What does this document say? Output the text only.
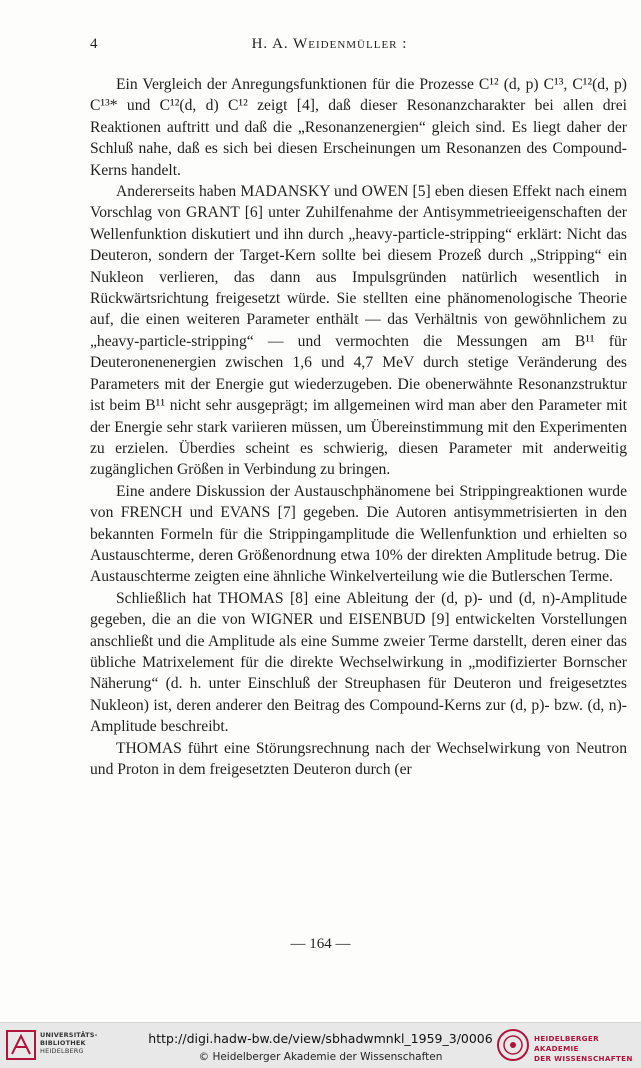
4	H. A. Weidenmüller :

Ein Vergleich der Anregungsfunktionen für die Prozesse C¹² (d, p) C¹³, C¹²(d, p) C¹³* und C¹²(d, d) C¹² zeigt [4], daß dieser Resonanzcharakter bei allen drei Reaktionen auftritt und daß die „Resonanzenergien“ gleich sind. Es liegt daher der Schluß nahe, daß es sich bei diesen Erscheinungen um Resonanzen des Compound-Kerns handelt.

Andererseits haben MADANSKY und OWEN [5] eben diesen Effekt nach einem Vorschlag von GRANT [6] unter Zuhilfenahme der Antisymmetrieeigenschaften der Wellenfunktion diskutiert und ihn durch „heavy-particle-stripping“ erklärt: Nicht das Deuteron, sondern der Target-Kern sollte bei diesem Prozeß durch „Stripping“ ein Nukleon verlieren, das dann aus Impulsgründen natürlich wesentlich in Rückwärtsrichtung freigesetzt würde. Sie stellten eine phänomenologische Theorie auf, die einen weiteren Parameter enthält — das Verhältnis von gewöhnlichem zu „heavy-particle-stripping“ — und vermochten die Messungen am B¹¹ für Deuteronenenergien zwischen 1,6 und 4,7 MeV durch stetige Veränderung des Parameters mit der Energie gut wiederzugeben. Die obenerwähnte Resonanzstruktur ist beim B¹¹ nicht sehr ausgeprägt; im allgemeinen wird man aber den Parameter mit der Energie sehr stark variieren müssen, um Übereinstimmung mit den Experimenten zu erzielen. Überdies scheint es schwierig, diesen Parameter mit anderweitig zugänglichen Größen in Verbindung zu bringen.

Eine andere Diskussion der Austauschphänomene bei Strippingreaktionen wurde von FRENCH und EVANS [7] gegeben. Die Autoren antisymmetrisierten in den bekannten Formeln für die Strippingamplitude die Wellenfunktion und erhielten so Austauschterme, deren Größenordnung etwa 10% der direkten Amplitude betrug. Die Austauschterme zeigten eine ähnliche Winkelverteilung wie die Butlerschen Terme.

Schließlich hat THOMAS [8] eine Ableitung der (d, p)- und (d, n)-Amplitude gegeben, die an die von WIGNER und EISENBUD [9] entwickelten Vorstellungen anschließt und die Amplitude als eine Summe zweier Terme darstellt, deren einer das übliche Matrixelement für die direkte Wechselwirkung in „modifizierter Bornscher Näherung“ (d. h. unter Einschluß der Streuphasen für Deuteron und freigesetztes Nukleon) ist, deren anderer den Beitrag des Compound-Kerns zur (d, p)- bzw. (d, n)-Amplitude beschreibt.

THOMAS führt eine Störungsrechnung nach der Wechselwirkung von Neutron und Proton in dem freigesetzten Deuteron durch (er

— 164 —
UNIVERSITÄTS-
BIBLIOTHEK
HEIDELBERG
http://digi.hadw-bw.de/view/sbhadwmnkl_1959_3/0006
© Heidelberger Akademie der Wissenschaften
HEIDELBERGER AKADEMIE
DER WISSENSCHAFTEN
